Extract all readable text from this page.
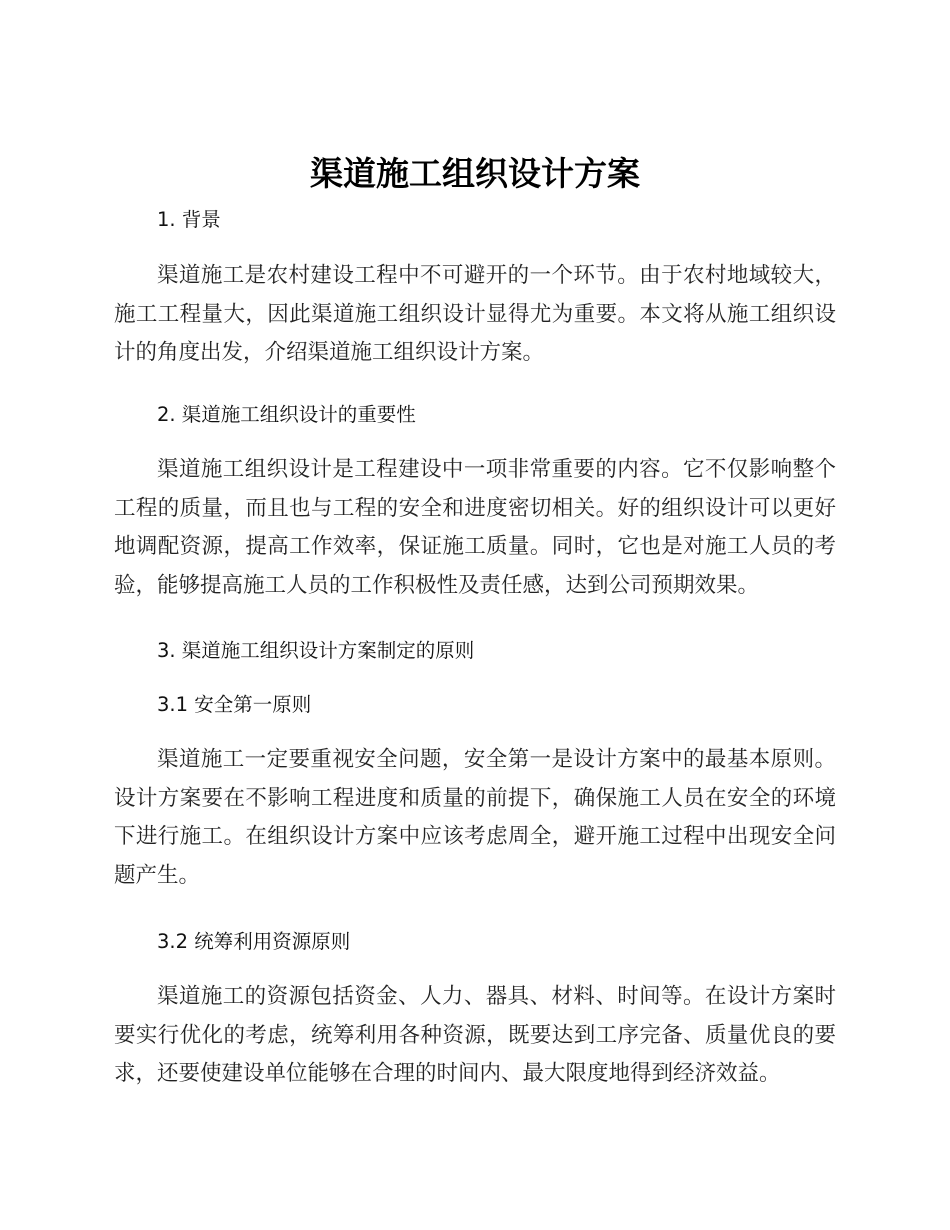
渠道施工组织设计方案
1. 背景
渠道施工是农村建设工程中不可避开的一个环节。由于农村地域较大，施工工程量大，因此渠道施工组织设计显得尤为重要。本文将从施工组织设计的角度出发，介绍渠道施工组织设计方案。
2. 渠道施工组织设计的重要性
渠道施工组织设计是工程建设中一项非常重要的内容。它不仅影响整个工程的质量，而且也与工程的安全和进度密切相关。好的组织设计可以更好地调配资源，提高工作效率，保证施工质量。同时，它也是对施工人员的考验，能够提高施工人员的工作积极性及责任感，达到公司预期效果。
3. 渠道施工组织设计方案制定的原则
3.1 安全第一原则
渠道施工一定要重视安全问题，安全第一是设计方案中的最基本原则。设计方案要在不影响工程进度和质量的前提下，确保施工人员在安全的环境下进行施工。在组织设计方案中应该考虑周全，避开施工过程中出现安全问题产生。
3.2 统筹利用资源原则
渠道施工的资源包括资金、人力、器具、材料、时间等。在设计方案时要实行优化的考虑，统筹利用各种资源，既要达到工序完备、质量优良的要求，还要使建设单位能够在合理的时间内、最大限度地得到经济效益。
